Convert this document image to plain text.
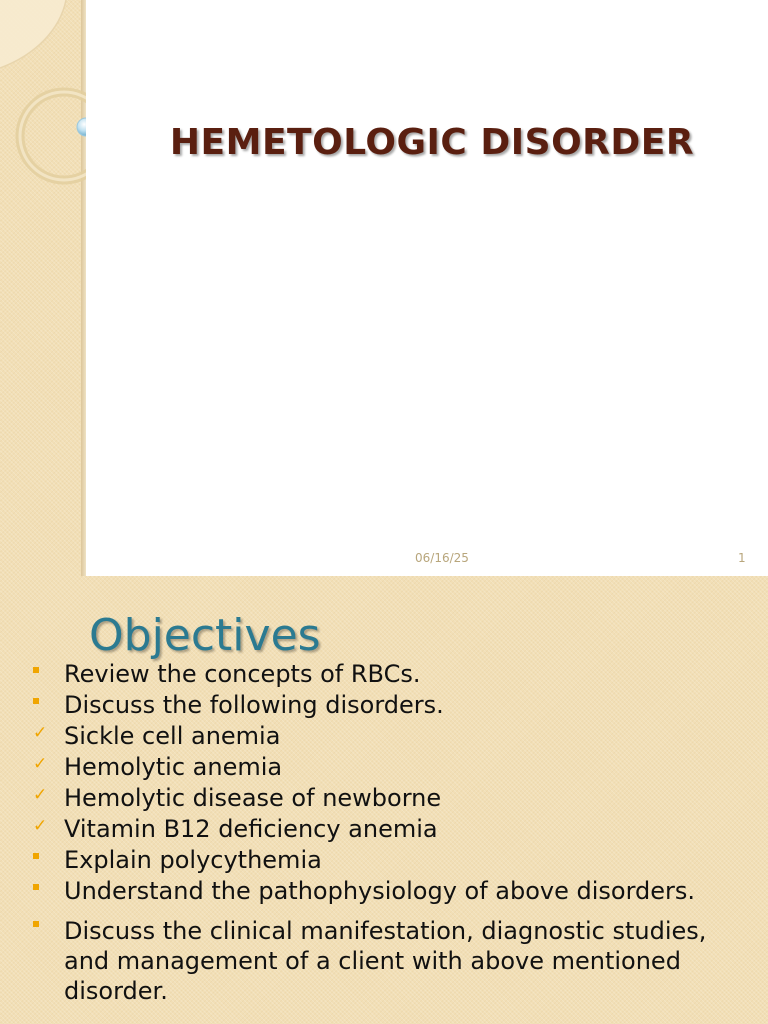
HEMETOLOGIC DISORDER
06/16/25	1
Objectives
Review the concepts of RBCs.
Discuss the following disorders.
✓ Sickle cell anemia
✓ Hemolytic anemia
✓ Hemolytic disease of newborne
✓ Vitamin B12 deficiency anemia
Explain polycythemia
Understand the pathophysiology of above disorders.
Discuss the clinical manifestation, diagnostic studies, and management of a client with above mentioned disorder.
